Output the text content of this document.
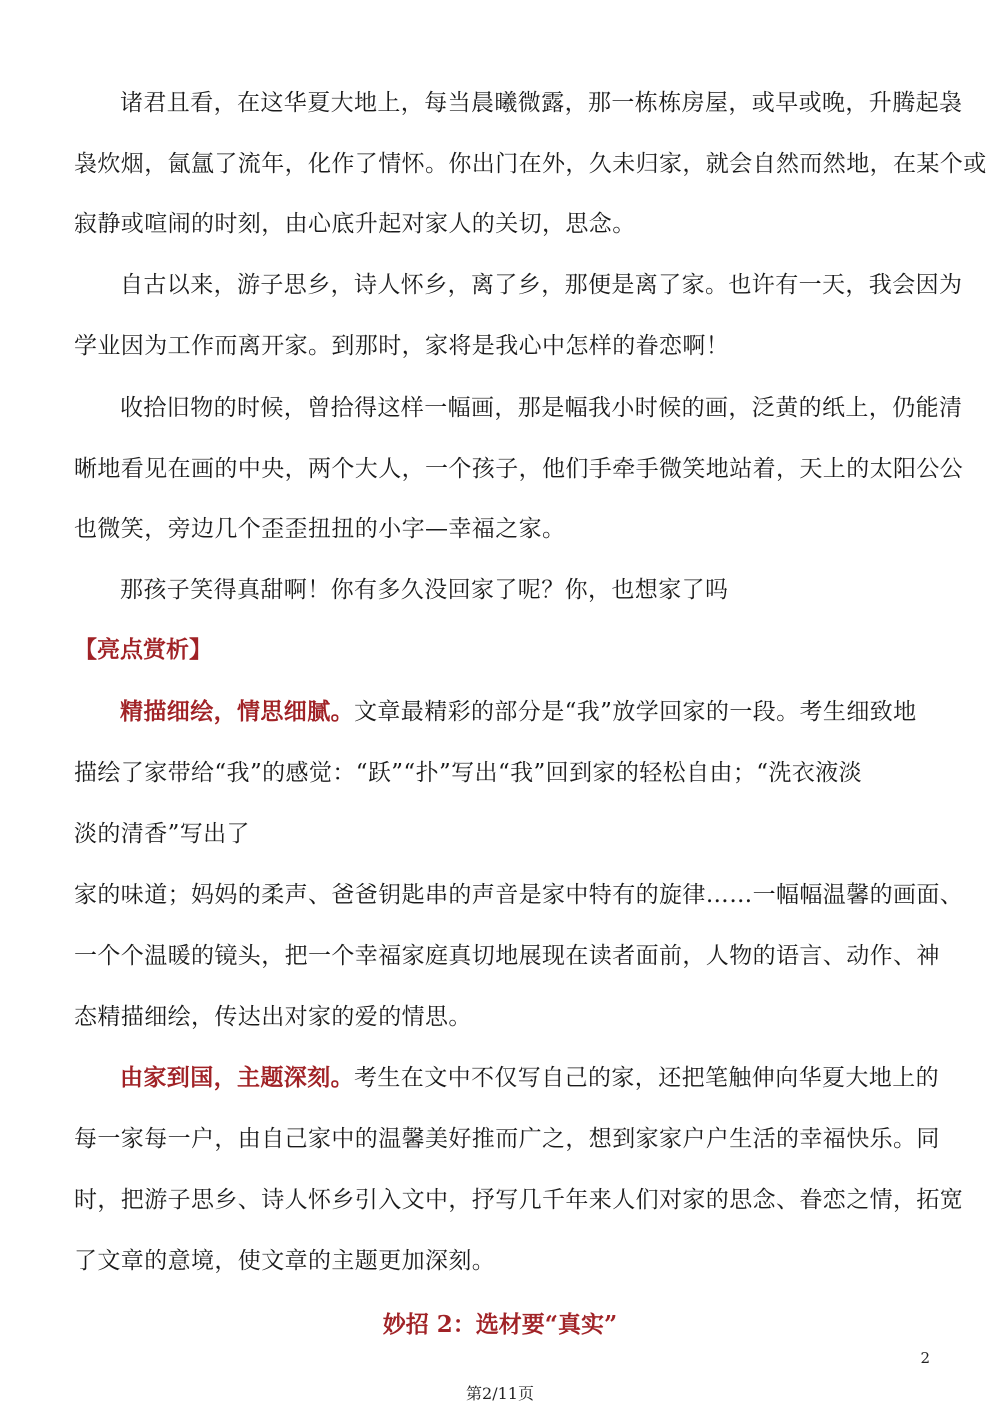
诸君且看，在这华夏大地上，每当晨曦微露，那一栋栋房屋，或早或晚，升腾起袅
袅炊烟，氤氲了流年，化作了情怀。你出门在外，久未归家，就会自然而然地，在某个或
寂静或喧闹的时刻，由心底升起对家人的关切，思念。
自古以来，游子思乡，诗人怀乡，离了乡，那便是离了家。也许有一天，我会因为
学业因为工作而离开家。到那时，家将是我心中怎样的眷恋啊！
收拾旧物的时候，曾拾得这样一幅画，那是幅我小时候的画，泛黄的纸上，仍能清
晰地看见在画的中央，两个大人，一个孩子，他们手牵手微笑地站着，天上的太阳公公
也微笑，旁边几个歪歪扭扭的小字—幸福之家。
那孩子笑得真甜啊！你有多久没回家了呢？你，也想家了吗
【亮点赏析】
精描细绘，情思细腻。文章最精彩的部分是“我”放学回家的一段。考生细致地
描绘了家带给“我”的感觉：“跃”“扑”写出“我”回到家的轻松自由；“洗衣液淡
淡的清香”写出了
家的味道；妈妈的柔声、爸爸钥匙串的声音是家中特有的旋律……一幅幅温馨的画面、
一个个温暖的镜头，把一个幸福家庭真切地展现在读者面前，人物的语言、动作、神
态精描细绘，传达出对家的爱的情思。
由家到国，主题深刻。考生在文中不仅写自己的家，还把笔触伸向华夏大地上的
每一家每一户，由自己家中的温馨美好推而广之，想到家家户户生活的幸福快乐。同
时，把游子思乡、诗人怀乡引入文中，抒写几千年来人们对家的思念、眷恋之情，拓宽
了文章的意境，使文章的主题更加深刻。
妙招 2：选材要“真实”
2
第2/11页
